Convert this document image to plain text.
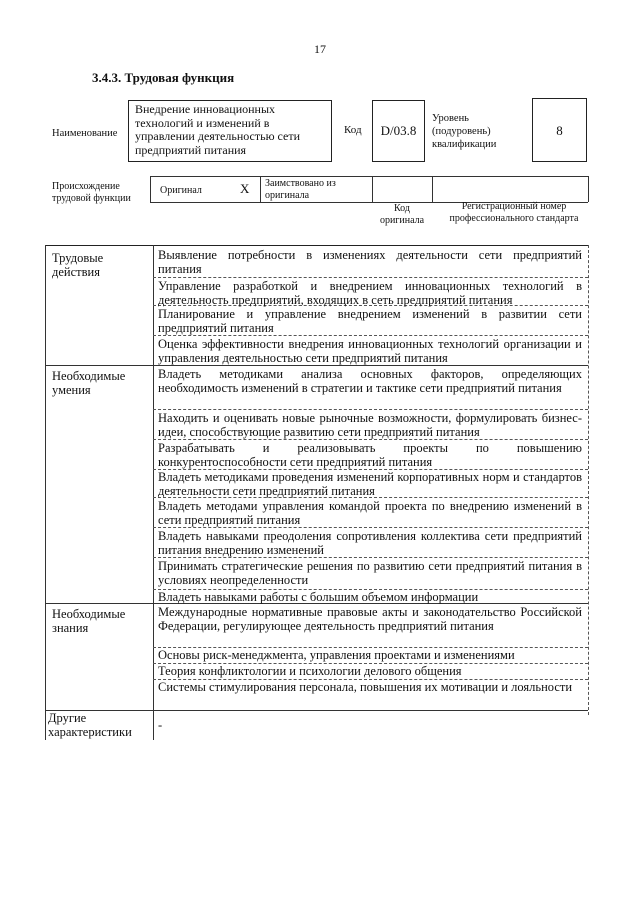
17
3.4.3. Трудовая функция
Наименование
Внедрение инновационных технологий и изменений в управлении деятельностью сети предприятий питания
Код	D/03.8
Уровень (подуровень) квалификации
8
Происхождение трудовой функции
Оригинал	X Заимствовано из оригинала
Код оригинала
Регистрационный номер профессионального стандарта
Трудовые действия
Необходимые умения
Необходимые знания
Другие характеристики
Выявление потребности в изменениях деятельности сети предприятий питания
Управление разработкой и внедрением инновационных технологий в деятельность предприятий, входящих в сеть предприятий питания
Планирование и управление внедрением изменений в развитии сети предприятий питания
Оценка эффективности внедрения инновационных технологий организации и управления деятельностью сети предприятий питания
Владеть методиками анализа основных факторов, определяющих необходимость изменений в стратегии и тактике сети предприятий питания
Находить и оценивать новые рыночные возможности, формулировать бизнес-идеи, способствующие развитию сети предприятий питания
Разрабатывать и реализовывать проекты по повышению конкурентоспособности сети предприятий питания
Владеть методиками проведения изменений корпоративных норм и стандартов деятельности сети предприятий питания
Владеть методами управления командой проекта по внедрению изменений в сети предприятий питания
Владеть навыками преодоления сопротивления коллектива сети предприятий питания внедрению изменений
Принимать стратегические решения по развитию сети предприятий питания в условиях неопределенности
Владеть навыками работы с большим объемом информации
Международные нормативные правовые акты и законодательство Российской Федерации, регулирующее деятельность предприятий питания
Основы риск-менеджмента, управления проектами и изменениями
Теория конфликтологии и психологии делового общения
Системы стимулирования персонала, повышения их мотивации и лояльности
-
